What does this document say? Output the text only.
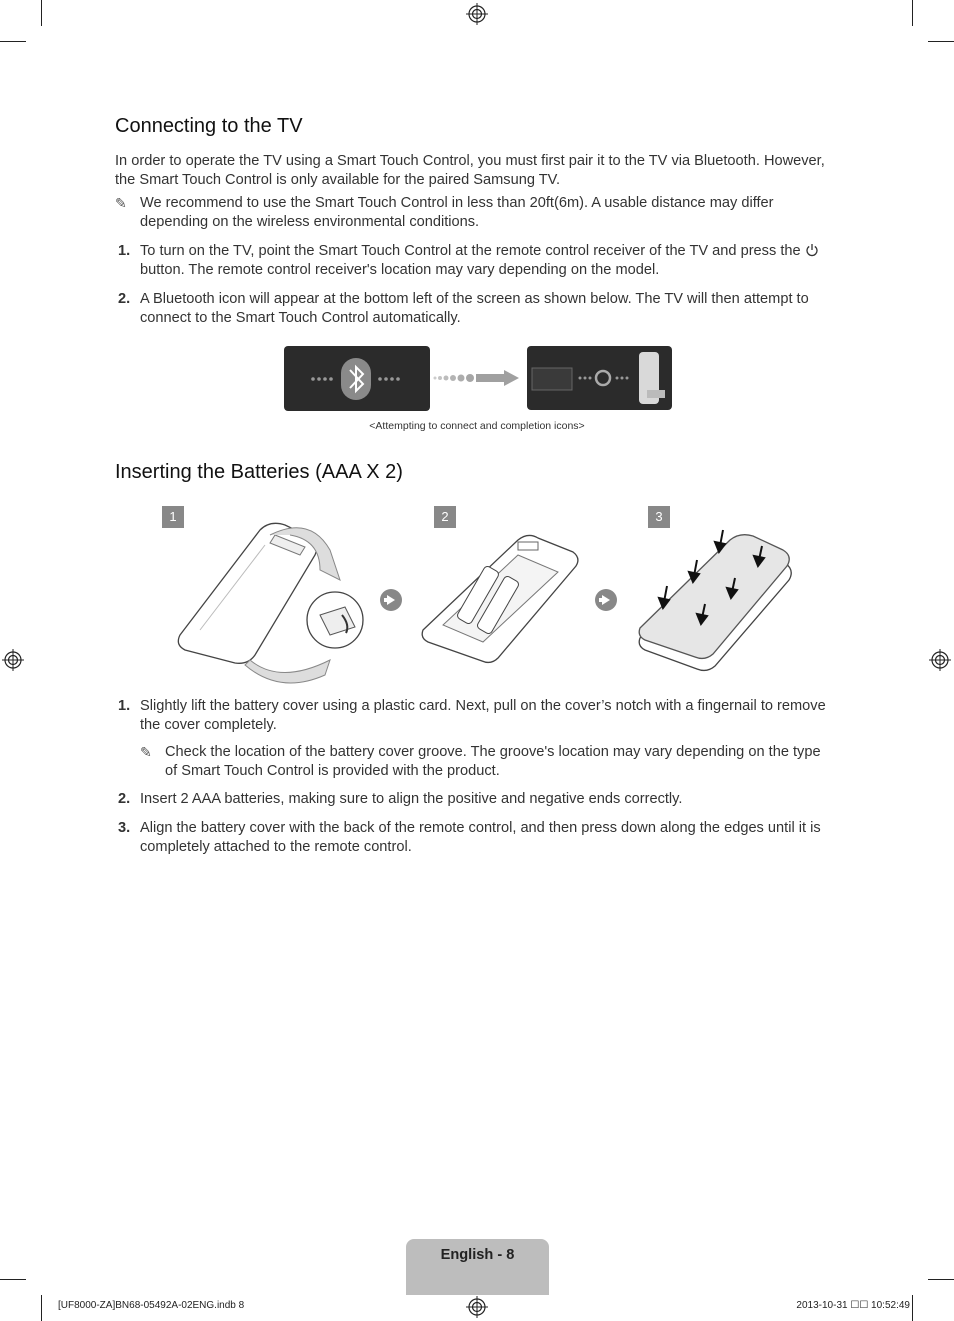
Connecting to the TV

In order to operate the TV using a Smart Touch Control, you must first pair it to the TV via Bluetooth. However, the Smart Touch Control is only available for the paired Samsung TV.

✎ We recommend to use the Smart Touch Control in less than 20ft(6m). A usable distance may differ depending on the wireless environmental conditions.
1. To turn on the TV, point the Smart Touch Control at the remote control receiver of the TV and press the button. The remote control receiver's location may vary depending on the model.
2. A Bluetooth icon will appear at the bottom left of the screen as shown below. The TV will then attempt to connect to the Smart Touch Control automatically.
<Attempting to connect and completion icons>
Inserting the Batteries (AAA X 2)
1	2	3
1. Slightly lift the battery cover using a plastic card. Next, pull on the cover’s notch with a fingernail to remove the cover completely.
✎ Check the location of the battery cover groove. The groove's location may vary depending on the type of Smart Touch Control is provided with the product.
2. Insert 2 AAA batteries, making sure to align the positive and negative ends correctly.
3. Align the battery cover with the back of the remote control, and then press down along the edges until it is completely attached to the remote control.
English - 8
[UF8000-ZA]BN68-05492A-02ENG.indb 8	2013-10-31 ☐☐ 10:52:49
